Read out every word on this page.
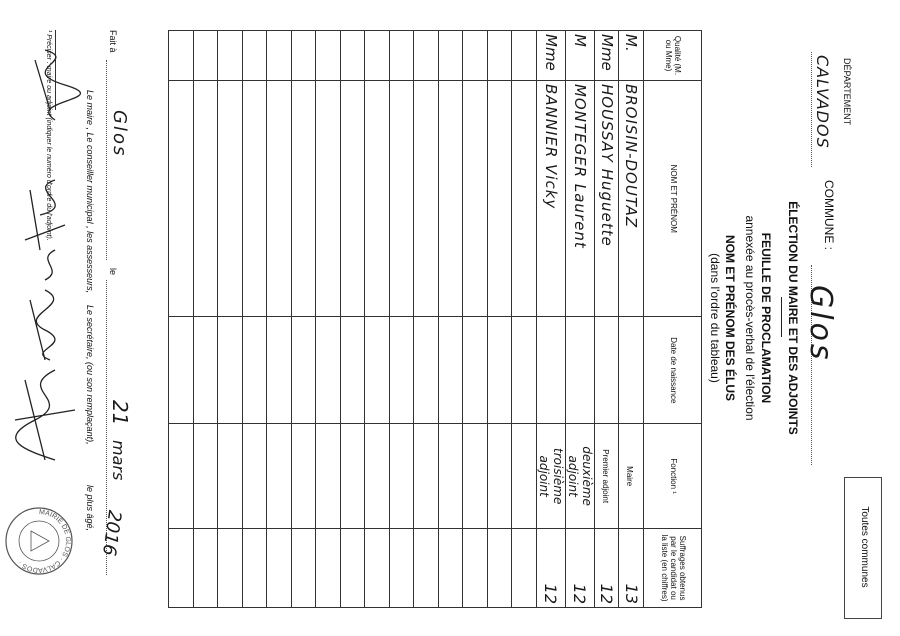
Toutes communes
DÉPARTEMENT
CALVADOS
COMMUNE :
Glos
ÉLECTION DU MAIRE ET DES ADJOINTS
FEUILLE DE PROCLAMATION
annexée au procès-verbal de l'élection
NOM ET PRÉNOM DES ÉLUS
(dans l'ordre du tableau)
Qualité (M. ou Mme)	NOM ET PRÉNOM	Date de naissance	Fonction ¹	Suffrages obtenus par le candidat ou la liste (en chiffres)
M.	BROISIN-DOUTAZ		Maire	13
Mme	HOUSSAY Huguette		Premier adjoint	12
M	MONTEGER Laurent		deuxième adjoint	12
Mme	BANNIER Vicky		troisième adjoint	12

Fait à
Glos
le
21
mars
2016
Le maire , Le conseiller municipal , les assesseurs,
Le secrétaire, (ou son remplaçant),
le plus âgé,
¹ Préciser : maire ou adjoint (indiquer le numéro d'ordre du l'adjoint).
MAIRIE DE GLOS · CALVADOS ·
